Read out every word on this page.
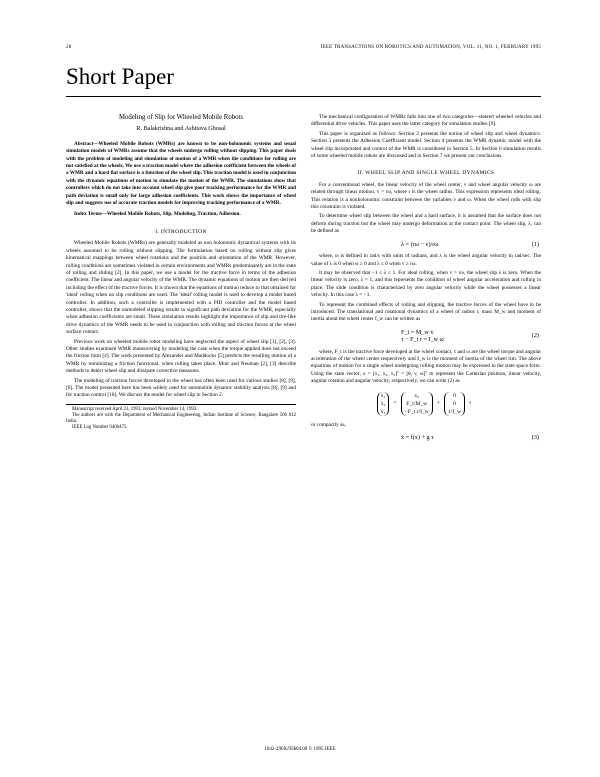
28	IEEE TRANSACTIONS ON ROBOTICS AND AUTOMATION, VOL. 11, NO. 1, FEBRUARY 1995
Short Paper
Modeling of Slip for Wheeled Mobile Robots
R. Balakrishna and Ashitava Ghosal
Abstract—Wheeled Mobile Robots (WMRs) are known to be non-holonomic systems and usual simulation models of WMRs assume that the wheels undergo rolling without slipping. This paper deals with the problem of modeling and simulation of motion of a WMR when the conditions for rolling are not satisfied at the wheels. We use a traction model where the adhesion coefficient between the wheels of a WMR and a hard flat surface is a function of the wheel slip. This traction model is used in conjunction with the dynamic equations of motion to simulate the motion of the WMR. The simulations show that controllers which do not take into account wheel slip give poor tracking performance for the WMR and path deviation is small only for large adhesion coefficients. This work shows the importance of wheel slip and suggests use of accurate traction models for improving tracking performance of a WMR.
Index Terms—Wheeled Mobile Robots, Slip, Modeling, Traction, Adhesion.
I. INTRODUCTION

Wheeled Mobile Robots (WMRs) are generally modeled as non holonomic dynamical systems with its wheels assumed to be rolling without slipping. The formulation based on rolling without slip gives kinematical mappings between wheel rotations and the position and orientation of the WMR. However, rolling conditions are sometimes violated in certain environments and WMRs predominantly are in the state of rolling and sliding [2]. In this paper, we use a model for the tractive force in terms of the adhesion coefficient. The linear and angular velocity of the WMR. The dynamic equations of motion are then derived including the effect of the tractive forces. It is shown that the equations of motion reduce to that obtained for 'ideal' rolling when no slip conditions are used. The 'ideal' rolling model is used to develop a model based controller. In addition, such a controller is implemented with a PID controller and the model based controller, shows that the unmodeled slipping results in significant path deviation for the WMR, especially when adhesion coefficients are small. These simulation results highlight the importance of slip and tire-like drive dynamics of the WMR needs to be used in conjunction with rolling and traction forces at the wheel surface contact.

Previous work on wheeled mobile robot modeling have neglected the aspect of wheel slip [1], [2], [3]. Other studies examined WMR maneuvering by modeling the case when the torque applied does not exceed the friction limit [4]. The work presented by Alexander and Maddocks [5] predicts the resulting motion of a WMR by minimizing a friction functional, when rolling takes place. Muir and Neuman [2], [3] describe methods to detect wheel slip and dissipate corrective measures.

The modeling of traction forces developed in the wheel has often been used for various studies [8], [9], [6]. The model presented here has been widely used for automobile dynamic stability analysis [8], [9] and for traction control [10]. We discuss the model for wheel slip in Section 2.

Manuscript received April 23, 1993; revised November 14, 1993.

The authors are with the Department of Mechanical Engineering, Indian Institute of Science, Bangalore 560 012 India.

IEEE Log Number 9406475.

The mechanical configuration of WMRs falls into one of two categories—steered wheeled vehicles and differential drive vehicles. This paper uses the latter category for simulation studies [9].

This paper is organized as follows: Section 2 presents the notion of wheel slip and wheel dynamics. Section 3 presents the Adhesion Coefficient model. Section 4 presents the WMR dynamic model with the wheel slip incorporated and control of the WMR is considered in Section 5. In Section 6 simulation results of some wheeled mobile robots are discussed and in Section 7 we present our conclusions.

II. WHEEL SLIP AND SINGLE WHEEL DYNAMICS

For a conventional wheel, the linear velocity of the wheel center, v and wheel angular velocity ω are related through linear motion, v = rω, where r is the wheel radius. This expression represents ideal rolling. This relation is a nonholonomic constraint between the variables v and ω. When the wheel rolls with slip this constraint is violated.

To determine wheel slip between the wheel and a hard surface, it is assumed that the surface does not deform during traction but the wheel may undergo deformation at the contact point. The wheel slip, λ, can be defined as

λ = (rω − v)/rω	(1)

where, ω is defined in rad/s with units of radians, and λ is the wheel angular velocity in rad/sec. The value of λ is 0 when ω ≥ 0 and λ ≤ 0 when v ≥ rω.

It may be observed that −1 ≤ λ ≤ 1. For ideal rolling, when v = rω, the wheel slip λ is zero. When the linear velocity is zero, λ = 1, and this represents the condition of wheel angular acceleration and rolling in place. The slide condition is characterized by zero angular velocity while the wheel possesses a linear velocity. In this case λ = −1.

To represent the combined effects of rolling and slipping, the tractive forces of the wheel have to be introduced. The translational and rotational dynamics of a wheel of radius r, mass M_w and moment of inertia about the wheel center I_w can be written as

F_t = M_w v̇
τ − F_t r = I_w ω̇
(2)

where, F_t is the tractive force developed at the wheel contact, τ and ω are the wheel torque and angular acceleration of the wheel center respectively and I_w is the moment of inertia of the wheel rim. The above equations of motion for a single wheel undergoing rolling motion may be expressed in the state space form. Using the state vector, x = [x₁, x₂, x₃]ᵀ = [θ, v, ω]ᵀ to represent the Cartesian position, linear velocity, angular rotation and angular velocity, respectively, we can write (2) as

ẋ₁
ẋ₂
ẋ₃
=
x₂
F_t/M_w
−F_t r/I_w
+
0
0
1/I_w
τ
or compactly as,
ẋ = f(x) + g τ	(3)
1042-296X/95$04.00 © 1995 IEEE
